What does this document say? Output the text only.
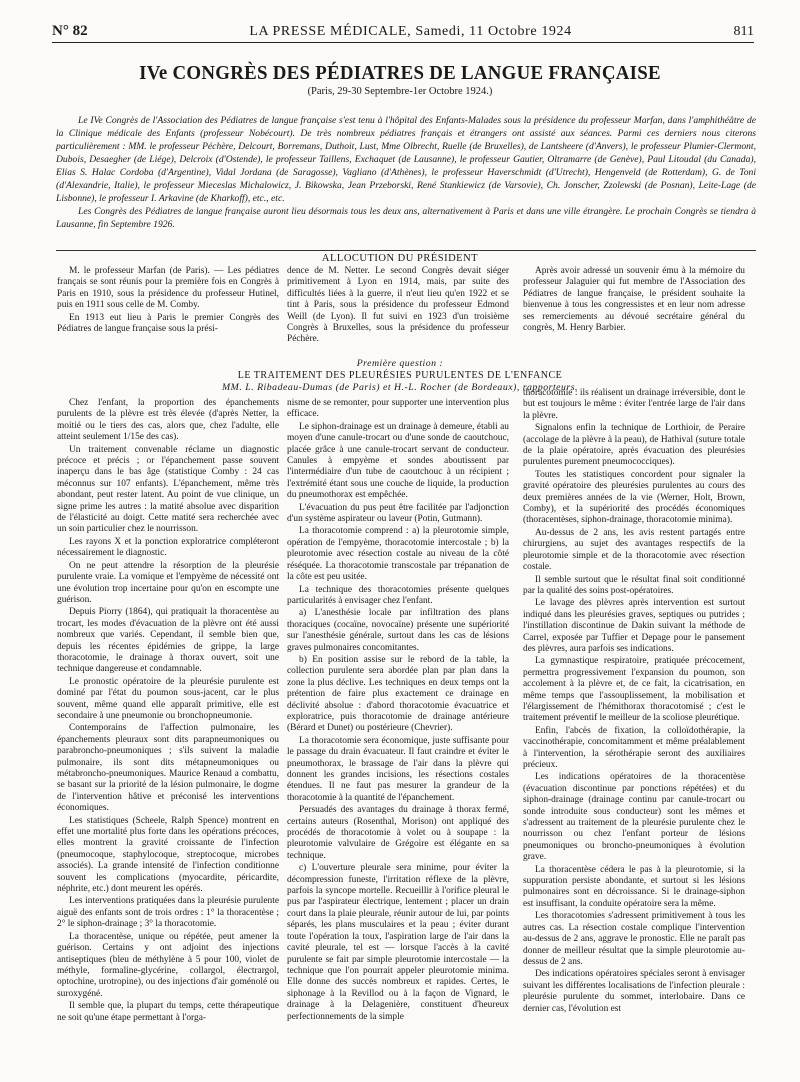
N° 82	LA PRESSE MÉDICALE, Samedi, 11 Octobre 1924	811
IVe CONGRÈS DES PÉDIATRES DE LANGUE FRANÇAISE
(Paris, 29-30 Septembre-1er Octobre 1924.)

Le IVe Congrès de l'Association des Pédiatres de langue française s'est tenu à l'hôpital des Enfants-Malades sous la présidence du professeur Marfan, dans l'amphithéâtre de la Clinique médicale des Enfants (professeur Nobécourt). De très nombreux pédiatres français et étrangers ont assisté aux séances. Parmi ces derniers nous citerons particulièrement : MM. le professeur Péchère, Delcourt, Borremans, Duthoit, Lust, Mme Olbrecht, Ruelle (de Bruxelles), de Lantsheere (d'Anvers), le professeur Plumier-Clermont, Dubois, Desaegher (de Liége), Delcroix (d'Ostende), le professeur Taillens, Exchaquet (de Lausanne), le professeur Gautier, Oltramarre (de Genève), Paul Litoudal (du Canada), Elias S. Halac Cordoba (d'Argentine), Vidal Jordana (de Saragosse), Vagliano (d'Athènes), le professeur Haverschmidt (d'Utrecht), Hengenveld (de Rotterdam), G. de Toni (d'Alexandrie, Italie), le professeur Mieceslas Michalowicz, J. Bikowska, Jean Przeborski, René Stankiewicz (de Varsovie), Ch. Jonscher, Zzolewski (de Posnan), Leite-Lage (de Lisbonne), le professeur I. Arkavine (de Kharkoff), etc., etc.

Les Congrès des Pédiatres de langue française auront lieu désormais tous les deux ans, alternativement à Paris et dans une ville étrangère. Le prochain Congrès se tiendra à Lausanne, fin Septembre 1926.

ALLOCUTION DU PRÉSIDENT

M. le professeur Marfan (de Paris). — Les pédiatres français se sont réunis pour la première fois en Congrès à Paris en 1910, sous la présidence du professeur Hutinel, puis en 1911 sous celle de M. Comby.

En 1913 eut lieu à Paris le premier Congrès des Pédiatres de langue française sous la prési-

dence de M. Netter. Le second Congrès devait siéger primitivement à Lyon en 1914, mais, par suite des difficultés liées à la guerre, il n'eut lieu qu'en 1922 et se tint à Paris, sous la présidence du professeur Edmond Weill (de Lyon). Il fut suivi en 1923 d'un troisième Congrès à Bruxelles, sous la présidence du professeur Péchère.

Après avoir adressé un souvenir ému à la mémoire du professeur Jalaguier qui fut membre de l'Association des Pédiatres de langue française, le président souhaite la bienvenue à tous les congressistes et en leur nom adresse ses remerciements au dévoué secrétaire général du congrès, M. Henry Barbier.

Première question :
LE TRAITEMENT DES PLEURÉSIES PURULENTES DE L'ENFANCE
MM. L. Ribadeau-Dumas (de Paris) et H.-L. Rocher (de Bordeaux), rapporteurs.

Chez l'enfant, la proportion des épanchements purulents de la plèvre est très élevée (d'après Netter, la moitié ou le tiers des cas, alors que, chez l'adulte, elle atteint seulement 1/15e des cas).

Un traitement convenable réclame un diagnostic précoce et précis ; or l'épanchement passe souvent inaperçu dans le bas âge (statistique Comby : 24 cas méconnus sur 107 enfants). L'épanchement, même très abondant, peut rester latent. Au point de vue clinique, un signe prime les autres : la matité absolue avec disparition de l'élasticité au doigt. Cette matité sera recherchée avec un soin particulier chez le nourrisson.

Les rayons X et la ponction exploratrice compléteront nécessairement le diagnostic.

On ne peut attendre la résorption de la pleurésie purulente vraie. La vomique et l'empyème de nécessité ont une évolution trop incertaine pour qu'on en escompte une guérison.

Depuis Piorry (1864), qui pratiquait la thoracentèse au trocart, les modes d'évacuation de la plèvre ont été aussi nombreux que variés. Cependant, il semble bien que, depuis les récentes épidémies de grippe, la large thoracotomie, le drainage à thorax ouvert, soit une technique dangereuse et condamnable.

Le pronostic opératoire de la pleurésie purulente est dominé par l'état du poumon sous-jacent, car le plus souvent, même quand elle apparaît primitive, elle est secondaire à une pneumonie ou bronchopneumonie.

Contemporains de l'affection pulmonaire, les épanchements pleuraux sont dits parapneumoniques ou parabroncho-pneumoniques ; s'ils suivent la maladie pulmonaire, ils sont dits métapneumoniques ou métabroncho-pneumoniques. Maurice Renaud a combattu, se basant sur la priorité de la lésion pulmonaire, le dogme de l'intervention hâtive et préconisé les interventions économiques.

Les statistiques (Scheele, Ralph Spence) montrent en effet une mortalité plus forte dans les opérations précoces, elles montrent la gravité croissante de l'infection (pneumocoque, staphylocoque, streptocoque, microbes associés). La grande intensité de l'infection conditionne souvent les complications (myocardite, péricardite, néphrite, etc.) dont meurent les opérés.

Les interventions pratiquées dans la pleurésie purulente aiguë des enfants sont de trois ordres : 1° la thoracentèse ; 2° le siphon-drainage ; 3° la thoracotomie.

La thoracentèse, unique ou répétée, peut amener la guérison. Certains y ont adjoint des injections antiseptiques (bleu de méthylène à 5 pour 100, violet de méthyle, formaline-glycérine, collargol, électrargol, optochine, urotropine), ou des injections d'air goménolé ou suroxygéné.

Il semble que, la plupart du temps, cette thérapeutique ne soit qu'une étape permettant à l'orga-

nisme de se remonter, pour supporter une intervention plus efficace.

Le siphon-drainage est un drainage à demeure, établi au moyen d'une canule-trocart ou d'une sonde de caoutchouc, placée grâce à une canule-trocart servant de conducteur. Canules à empyème et sondes aboutissent par l'intermédiaire d'un tube de caoutchouc à un récipient ; l'extrémité étant sous une couche de liquide, la production du pneumothorax est empêchée.

L'évacuation du pus peut être facilitée par l'adjonction d'un système aspirateur ou laveur (Potin, Gutmann).

La thoracotomie comprend : a) la pleurotomie simple, opération de l'empyème, thoracotomie intercostale ; b) la pleurotomie avec résection costale au niveau de la côté réséquée. La thoracotomie transcostale par trépanation de la côte est peu usitée.

La technique des thoracotomies présente quelques particularités à envisager chez l'enfant.

a) L'anesthésie locale par infiltration des plans thoraciques (cocaïne, novocaïne) présente une supériorité sur l'anesthésie générale, surtout dans les cas de lésions graves pulmonaires concomitantes.

b) En position assise sur le rebord de la table, la collection purulente sera abordée plan par plan dans la zone la plus déclive. Les techniques en deux temps ont la prétention de faire plus exactement ce drainage en déclivité absolue : d'abord thoracotomie évacuatrice et exploratrice, puis thoracotomie de drainage antérieure (Bérard et Dunet) ou postérieure (Chevrier).

La thoracotomie sera économique, juste suffisante pour le passage du drain évacuateur. Il faut craindre et éviter le pneumothorax, le brassage de l'air dans la plèvre qui donnent les grandes incisions, les résections costales étendues. Il ne faut pas mesurer la grandeur de la thoracotomie à la quantité de l'épanchement.

Persuadés des avantages du drainage à thorax fermé, certains auteurs (Rosenthal, Morison) ont appliqué des procédés de thoracotomie à volet ou à soupape : la pleurotomie valvulaire de Grégoire est élégante en sa technique.

c) L'ouverture pleurale sera minime, pour éviter la décompression funeste, l'irritation réflexe de la plèvre, parfois la syncope mortelle. Recueillir à l'orifice pleural le pus par l'aspirateur électrique, lentement ; placer un drain court dans la plaie pleurale, réunir autour de lui, par points séparés, les plans musculaires et la peau ; éviter durant toute l'opération la toux, l'aspiration large de l'air dans la cavité pleurale, tel est — lorsque l'accès à la cavité purulente se fait par simple pleurotomie intercostale — la technique que l'on pourrait appeler pleurotomie minima. Elle donne des succès nombreux et rapides. Certes, le siphonage à la Revillod ou à la façon de Vignard, le drainage à la Delagenière, constituent d'heureux perfectionnements de la simple

thoracotomie : ils réalisent un drainage irréversible, dont le but est toujours le même : éviter l'entrée large de l'air dans la plèvre.

Signalons enfin la technique de Lorthioir, de Peraire (accolage de la plèvre à la peau), de Hathival (suture totale de la plaie opératoire, après évacuation des pleurésies purulentes purement pneumococciques).

Toutes les statistiques concordent pour signaler la gravité opératoire des pleurésies purulentes au cours des deux premières années de la vie (Werner, Holt, Brown, Comby), et la supériorité des procédés économiques (thoracentèses, siphon-drainage, thoracotomie minima).

Au-dessus de 2 ans, les avis restent partagés entre chirurgiens, au sujet des avantages respectifs de la pleurotomie simple et de la thoracotomie avec résection costale.

Il semble surtout que le résultat final soit conditionné par la qualité des soins post-opératoires.

Le lavage des plèvres après intervention est surtout indiqué dans les pleurésies graves, septiques ou putrides ; l'instillation discontinue de Dakin suivant la méthode de Carrel, exposée par Tuffier et Depage pour le pansement des plèvres, aura parfois ses indications.

La gymnastique respiratoire, pratiquée précocement, permettra progressivement l'expansion du poumon, son accolement à la plèvre et, de ce fait, la cicatrisation, en même temps que l'assouplissement, la mobilisation et l'élargissement de l'hémithorax thoracotomisé ; c'est le traitement préventif le meilleur de la scoliose pleurétique.

Enfin, l'abcès de fixation, la colloïdothérapie, la vaccinothérapie, concomitamment et même préalablement à l'intervention, la sérothérapie seront des auxiliaires précieux.

Les indications opératoires de la thoracentèse (évacuation discontinue par ponctions répétées) et du siphon-drainage (drainage continu par canule-trocart ou sonde introduite sous conducteur) sont les mêmes et s'adressent au traitement de la pleurésie purulente chez le nourrisson ou chez l'enfant porteur de lésions pneumoniques ou broncho-pneumoniques à évolution grave.

La thoracentèse cédera le pas à la pleurotomie, si la suppuration persiste abondante, et surtout si les lésions pulmonaires sont en décroissance. Si le drainage-siphon est insuffisant, la conduite opératoire sera la même.

Les thoracotomies s'adressent primitivement à tous les autres cas. La résection costale complique l'intervention au-dessus de 2 ans, aggrave le pronostic. Elle ne paraît pas donner de meilleur résultat que la simple pleurotomie au-dessus de 2 ans.

Des indications opératoires spéciales seront à envisager suivant les différentes localisations de l'infection pleurale : pleurésie purulente du sommet, interlobaire. Dans ce dernier cas, l'évolution est
